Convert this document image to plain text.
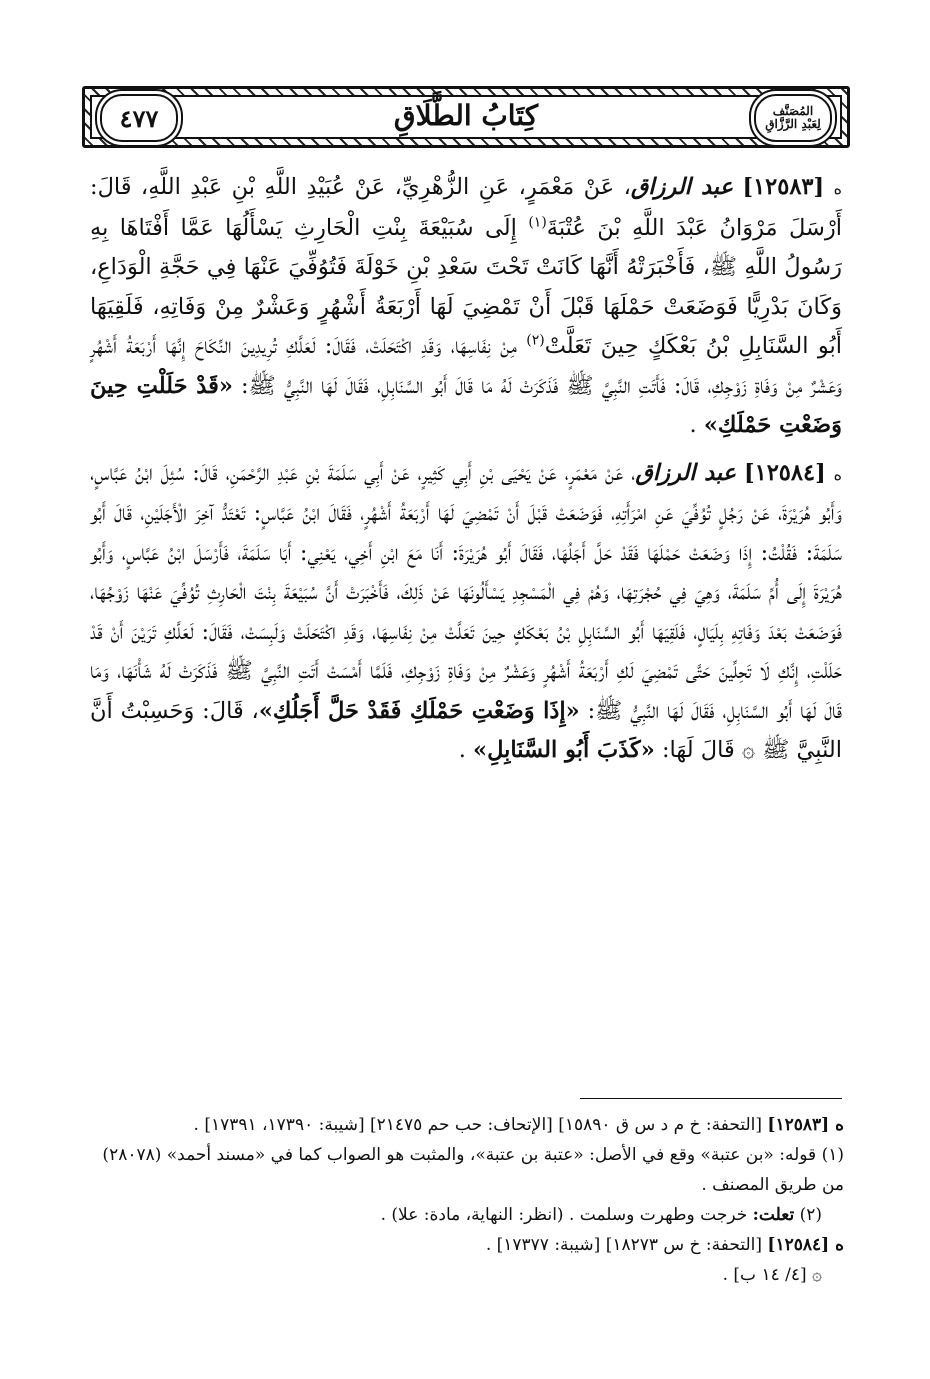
٤٧٧	كِتَابُ الطَّلَاقِ	المُصَنَّف
لِعَبْدِ الرَّزَّاقِ

ه [١٢٥٨٣] عبد الرزاق، عَنْ مَعْمَرٍ، عَنِ الزُّهْرِيِّ، عَنْ عُبَيْدِ اللَّهِ بْنِ عَبْدِ اللَّهِ، قَالَ: أَرْسَلَ مَرْوَانُ عَبْدَ اللَّهِ بْنَ عُتْبَةَ$^{(١)}$ إِلَى سُبَيْعَةَ بِنْتِ الْحَارِثِ يَسْأَلُهَا عَمَّا أَفْتَاهَا بِهِ رَسُولُ اللَّهِ ﷺ، فَأَخْبَرَتْهُ أَنَّهَا كَانَتْ تَحْتَ سَعْدِ بْنِ خَوْلَةَ فَتُوُفِّيَ عَنْهَا فِي حَجَّةِ الْوَدَاعِ، وَكَانَ بَدْرِيًّا فَوَضَعَتْ حَمْلَهَا قَبْلَ أَنْ تَمْضِيَ لَهَا أَرْبَعَةُ أَشْهُرٍ وَعَشْرٌ مِنْ وَفَاتِهِ، فَلَقِيَهَا أَبُو السَّنَابِلِ بْنُ بَعْكَكٍ حِينَ تَعَلَّتْ$^{(٢)}$ مِنْ نِفَاسِهَا، وَقَدِ اكْتَحَلَتْ، فَقَالَ: لَعَلَّكِ تُرِيدِينَ النِّكَاحَ إِنَّهَا أَرْبَعَةُ أَشْهُرٍ وَعَشْرٌ مِنْ وَفَاةِ زَوْجِكِ، قَالَ: فَأَتَتِ النَّبِيَّ ﷺ فَذَكَرَتْ لَهُ مَا قَالَ أَبُو السَّنَابِلِ، فَقَالَ لَهَا النَّبِيُّ ﷺ: «قَدْ حَلَلْتِ حِينَ وَضَعْتِ حَمْلَكِ» .

ه [١٢٥٨٤] عبد الرزاق، عَنْ مَعْمَرٍ، عَنْ يَحْيَى بْنِ أَبِي كَثِيرٍ، عَنْ أَبِي سَلَمَةَ بْنِ عَبْدِ الرَّحْمَنِ، قَالَ: سُئِلَ ابْنُ عَبَّاسٍ، وَأَبُو هُرَيْرَةَ، عَنْ رَجُلٍ تُوُفِّيَ عَنِ امْرَأَتِهِ، فَوَضَعَتْ قَبْلَ أَنْ تَمْضِيَ لَهَا أَرْبَعَةُ أَشْهُرٍ، فَقَالَ ابْنُ عَبَّاسٍ: تَعْتَدُّ آخِرَ الْأَجَلَيْنِ، قَالَ أَبُو سَلَمَةَ: فَقُلْتُ: إِذَا وَضَعَتْ حَمْلَهَا فَقَدْ حَلَّ أَجَلُهَا، فَقَالَ أَبُو هُرَيْرَةَ: أَنَا مَعَ ابْنِ أَخِي، يَعْنِي: أَبَا سَلَمَةَ، فَأَرْسَلَ ابْنُ عَبَّاسٍ، وَأَبُو هُرَيْرَةَ إِلَى أُمِّ سَلَمَةَ، وَهِيَ فِي حُجْرَتِهَا، وَهُمْ فِي الْمَسْجِدِ يَسْأَلُونَهَا عَنْ ذَلِكَ، فَأَخْبَرَتْ أَنَّ سُبَيْعَةَ بِنْتَ الْحَارِثِ تُوُفِّيَ عَنْهَا زَوْجُهَا، فَوَضَعَتْ بَعْدَ وَفَاتِهِ بِلَيَالٍ، فَلَقِيَهَا أَبُو السَّنَابِلِ بْنُ بَعْكَكٍ حِينَ تَعَلَّتْ مِنْ نِفَاسِهَا، وَقَدِ اكْتَحَلَتْ وَلَبِسَتْ، فَقَالَ: لَعَلَّكِ تَرَيْنَ أَنْ قَدْ حَلَلْتِ، إِنَّكِ لَا تَحِلِّينَ حَتَّى تَمْضِيَ لَكِ أَرْبَعَةُ أَشْهُرٍ وَعَشْرٌ مِنْ وَفَاةِ زَوْجِكِ، فَلَمَّا أَمْسَتْ أَتَتِ النَّبِيَّ ﷺ فَذَكَرَتْ لَهُ شَأْنَهَا، وَمَا قَالَ لَهَا أَبُو السَّنَابِلِ، فَقَالَ لَهَا النَّبِيُّ ﷺ: «إِذَا وَضَعْتِ حَمْلَكِ فَقَدْ حَلَّ أَجَلُكِ»، قَالَ: وَحَسِبْتُ أَنَّ النَّبِيَّ ﷺ ۞ قَالَ لَهَا: «كَذَبَ أَبُو السَّنَابِلِ» .

ه [١٢٥٨٣] [التحفة: خ م د س ق ١٥٨٩٠] [الإتحاف: حب حم ٢١٤٧٥] [شيبة: ١٧٣٩٠، ١٧٣٩١] .

(١) قوله: «بن عتبة» وقع في الأصل: «عتبة بن عتبة»، والمثبت هو الصواب كما في «مسند أحمد» (٢٨٠٧٨) من طريق المصنف .

(٢) تعلت: خرجت وطهرت وسلمت . (انظر: النهاية، مادة: علا) .

ه [١٢٥٨٤] [التحفة: خ س ١٨٢٧٣] [شيبة: ١٧٣٧٧] .

۞ [٤/ ١٤ ب] .
